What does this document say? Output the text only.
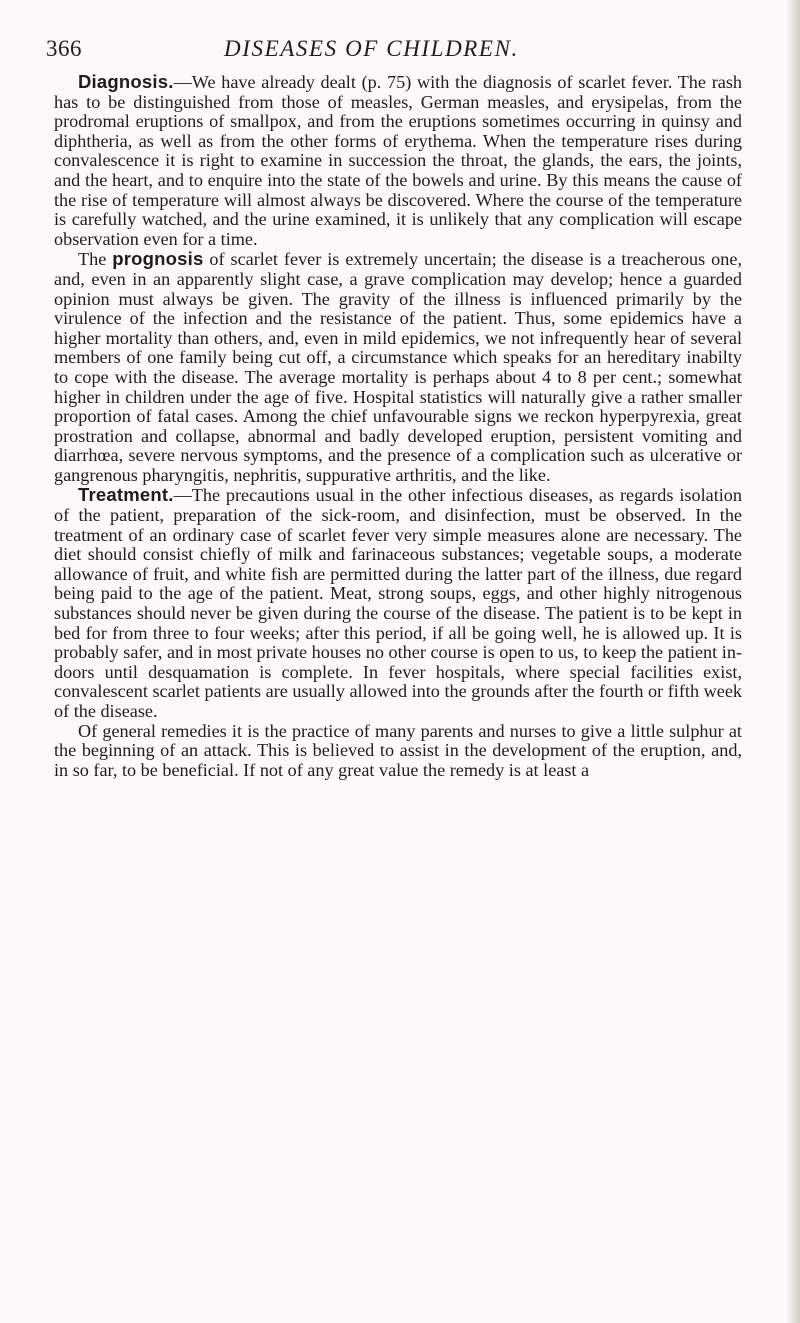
366	DISEASES OF CHILDREN.

Diagnosis.—We have already dealt (p. 75) with the diagnosis of scarlet fever. The rash has to be distinguished from those of measles, German measles, and erysipelas, from the prodromal eruptions of smallpox, and from the eruptions sometimes occurring in quinsy and diphtheria, as well as from the other forms of erythema. When the temperature rises during convalescence it is right to examine in succession the throat, the glands, the ears, the joints, and the heart, and to enquire into the state of the bowels and urine. By this means the cause of the rise of temperature will almost always be discovered. Where the course of the temperature is carefully watched, and the urine examined, it is unlikely that any complication will escape observation even for a time.

The prognosis of scarlet fever is extremely uncertain; the disease is a treacherous one, and, even in an apparently slight case, a grave complication may develop; hence a guarded opinion must always be given. The gravity of the illness is influenced primarily by the virulence of the infection and the resistance of the patient. Thus, some epidemics have a higher mortality than others, and, even in mild epidemics, we not infrequently hear of several members of one family being cut off, a circumstance which speaks for an hereditary inabilty to cope with the disease. The average mortality is perhaps about 4 to 8 per cent.; somewhat higher in children under the age of five. Hospital statistics will naturally give a rather smaller proportion of fatal cases. Among the chief unfavourable signs we reckon hyperpyrexia, great prostration and collapse, abnormal and badly developed eruption, persistent vomiting and diarrhœa, severe nervous symptoms, and the presence of a complication such as ulcerative or gangrenous pharyngitis, nephritis, suppurative arthritis, and the like.

Treatment.—The precautions usual in the other infectious diseases, as regards isolation of the patient, preparation of the sick-room, and disinfection, must be observed. In the treatment of an ordinary case of scarlet fever very simple measures alone are necessary. The diet should consist chiefly of milk and farinaceous substances; vegetable soups, a moderate allowance of fruit, and white fish are permitted during the latter part of the illness, due regard being paid to the age of the patient. Meat, strong soups, eggs, and other highly nitrogenous substances should never be given during the course of the disease. The patient is to be kept in bed for from three to four weeks; after this period, if all be going well, he is allowed up. It is probably safer, and in most private houses no other course is open to us, to keep the patient in-doors until desquamation is complete. In fever hospitals, where special facilities exist, convalescent scarlet patients are usually allowed into the grounds after the fourth or fifth week of the disease.

Of general remedies it is the practice of many parents and nurses to give a little sulphur at the beginning of an attack. This is believed to assist in the development of the eruption, and, in so far, to be beneficial. If not of any great value the remedy is at least a
